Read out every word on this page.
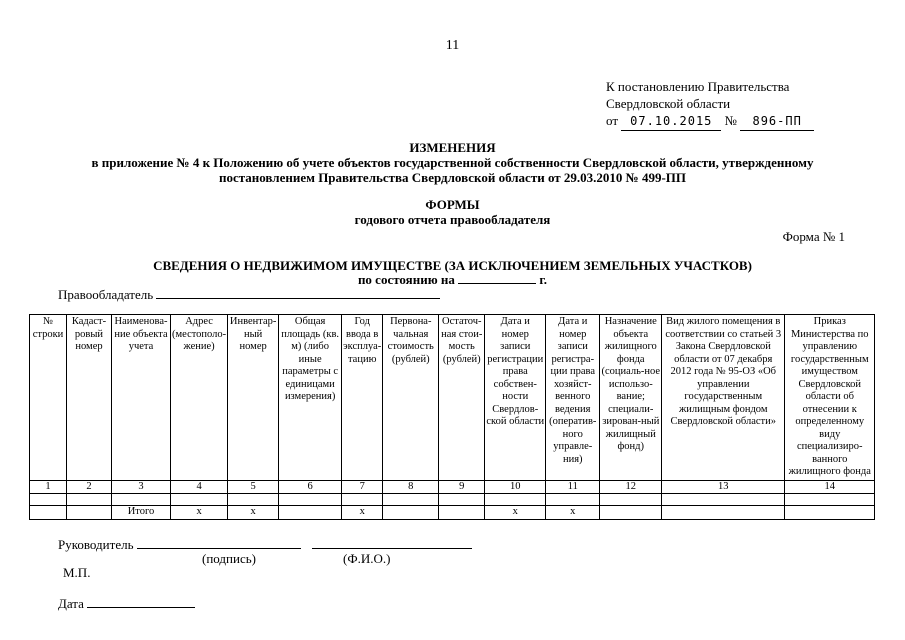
11
К постановлению Правительства
Свердловской области
от 07.10.2015 № 896-ПП
ИЗМЕНЕНИЯ
в приложение № 4 к Положению об учете объектов государственной собственности Свердловской области, утвержденному
постановлением Правительства Свердловской области от 29.03.2010 № 499-ПП
ФОРМЫ
годового отчета правообладателя
Форма № 1
СВЕДЕНИЯ О НЕДВИЖИМОМ ИМУЩЕСТВЕ (ЗА ИСКЛЮЧЕНИЕМ ЗЕМЕЛЬНЫХ УЧАСТКОВ)
по состоянию на	г.
Правообладатель
№ строки	Кадаст-ровый номер	Наименова-ние объекта учета	Адрес (местополо-жение)	Инвентар-ный номер	Общая площадь (кв. м) (либо иные параметры с единицами измерения)	Год ввода в эксплуа-тацию	Первона-чальная стоимость (рублей)	Остаточ-ная стои-мость (рублей)	Дата и номер записи регистрации права собствен-ности Свердлов-ской области	Дата и номер записи регистра-ции права хозяйст-венного ведения (оператив-ного управле-ния)	Назначение объекта жилищного фонда (социаль-ное использо-вание; специали-зирован-ный жилищный фонд)	Вид жилого помещения в соответствии со статьей 3 Закона Свердловской области от 07 декабря 2012 года № 95-ОЗ «Об управлении государственным жилищным фондом Свердловской области»	Приказ Министерства по управлению государственным имуществом Свердловской области об отнесении к определенному виду специализиро-ванного жилищного фонда
1	2	3	4	5	6	7	8	9	10	11	12	13	14

		Итого	x	x		x			x	x			
Руководитель
(подпись)	(Ф.И.О.)
М.П.
Дата
